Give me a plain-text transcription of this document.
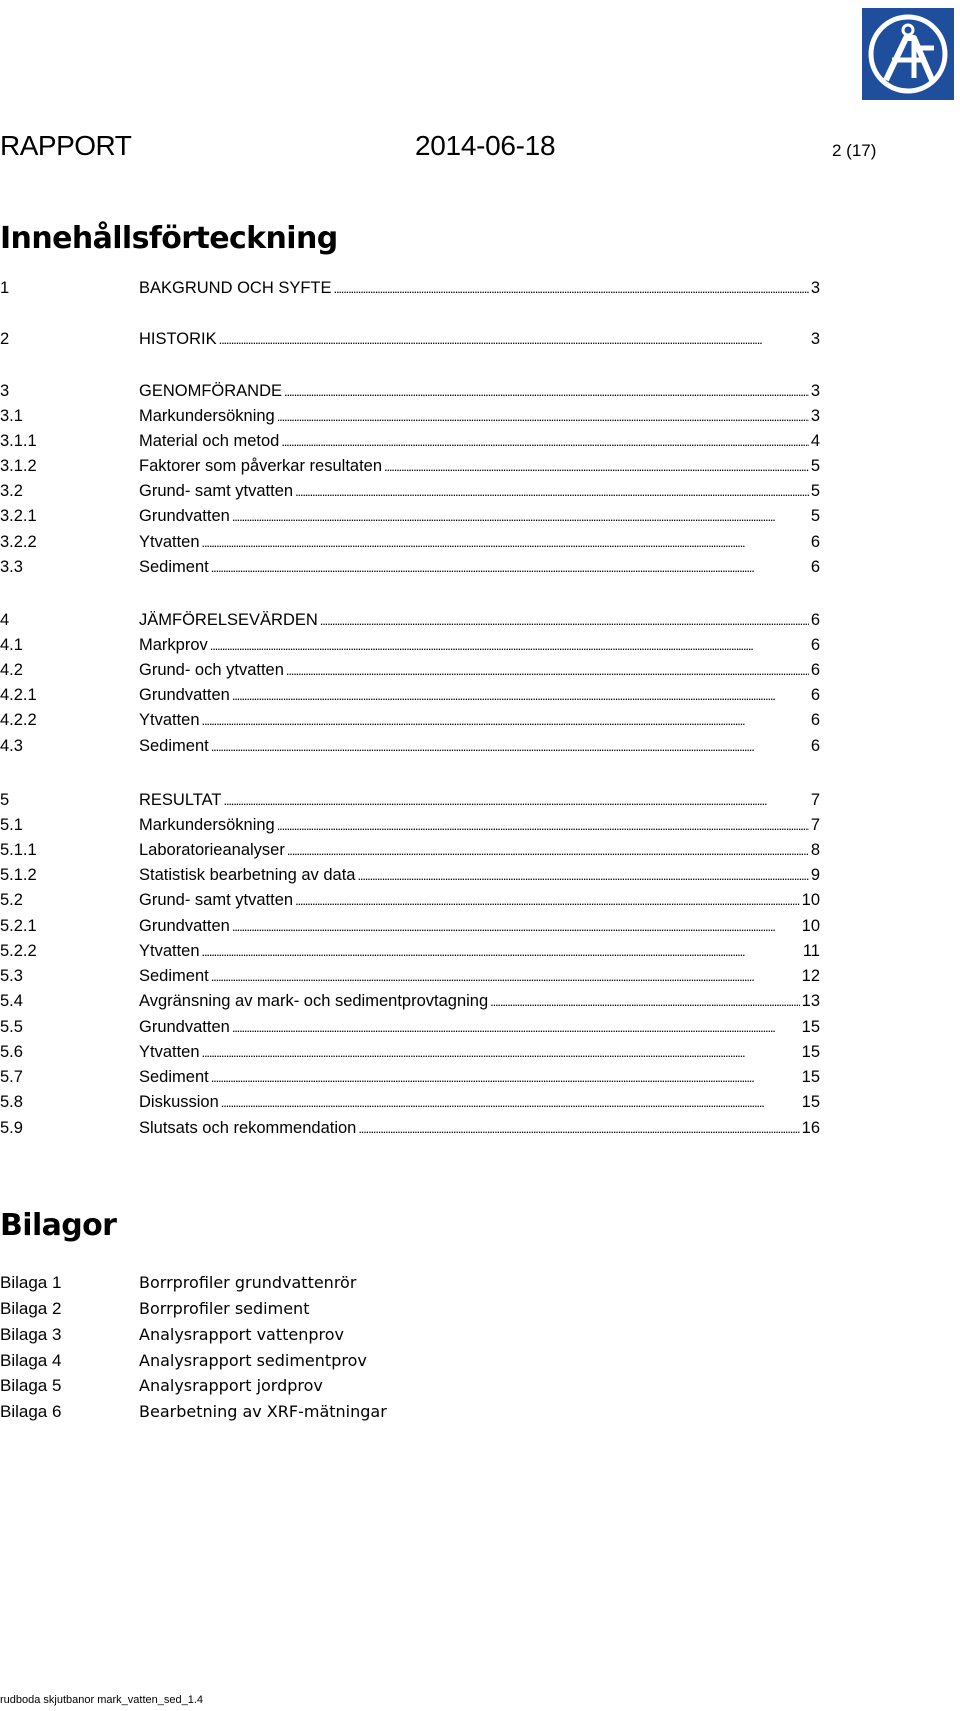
RAPPORT	2014-06-18	2 (17)
Innehållsförteckning
1	BAKGRUND OCH SYFTE . . .	3
2	HISTORIK . . .	3
3	GENOMFÖRANDE . . .	3
3.1	Markundersökning . . .	3
3.1.1	Material och metod . . .	4
3.1.2	Faktorer som påverkar resultaten . . .	5
3.2	Grund- samt ytvatten . . .	5
3.2.1	Grundvatten . . .	5
3.2.2	Ytvatten . . .	6
3.3	Sediment . . .	6
4	JÄMFÖRELSEVÄRDEN . . .	6
4.1	Markprov . . .	6
4.2	Grund- och ytvatten . . .	6
4.2.1	Grundvatten . . .	6
4.2.2	Ytvatten . . .	6
4.3	Sediment . . .	6
5	RESULTAT . . .	7
5.1	Markundersökning . . .	7
5.1.1	Laboratorieanalyser . . .	8
5.1.2	Statistisk bearbetning av data . . .	9
5.2	Grund- samt ytvatten . . .	10
5.2.1	Grundvatten . . .	10
5.2.2	Ytvatten . . .	11
5.3	Sediment . . .	12
5.4	Avgränsning av mark- och sedimentprovtagning . . .	13
5.5	Grundvatten . . .	15
5.6	Ytvatten . . .	15
5.7	Sediment . . .	15
5.8	Diskussion . . .	15
5.9	Slutsats och rekommendation . . .	16
Bilagor
Bilaga 1	Borrprofiler grundvattenrör
Bilaga 2	Borrprofiler sediment
Bilaga 3	Analysrapport vattenprov
Bilaga 4	Analysrapport sedimentprov
Bilaga 5	Analysrapport jordprov
Bilaga 6	Bearbetning av XRF-mätningar
rudboda skjutbanor mark_vatten_sed_1.4
